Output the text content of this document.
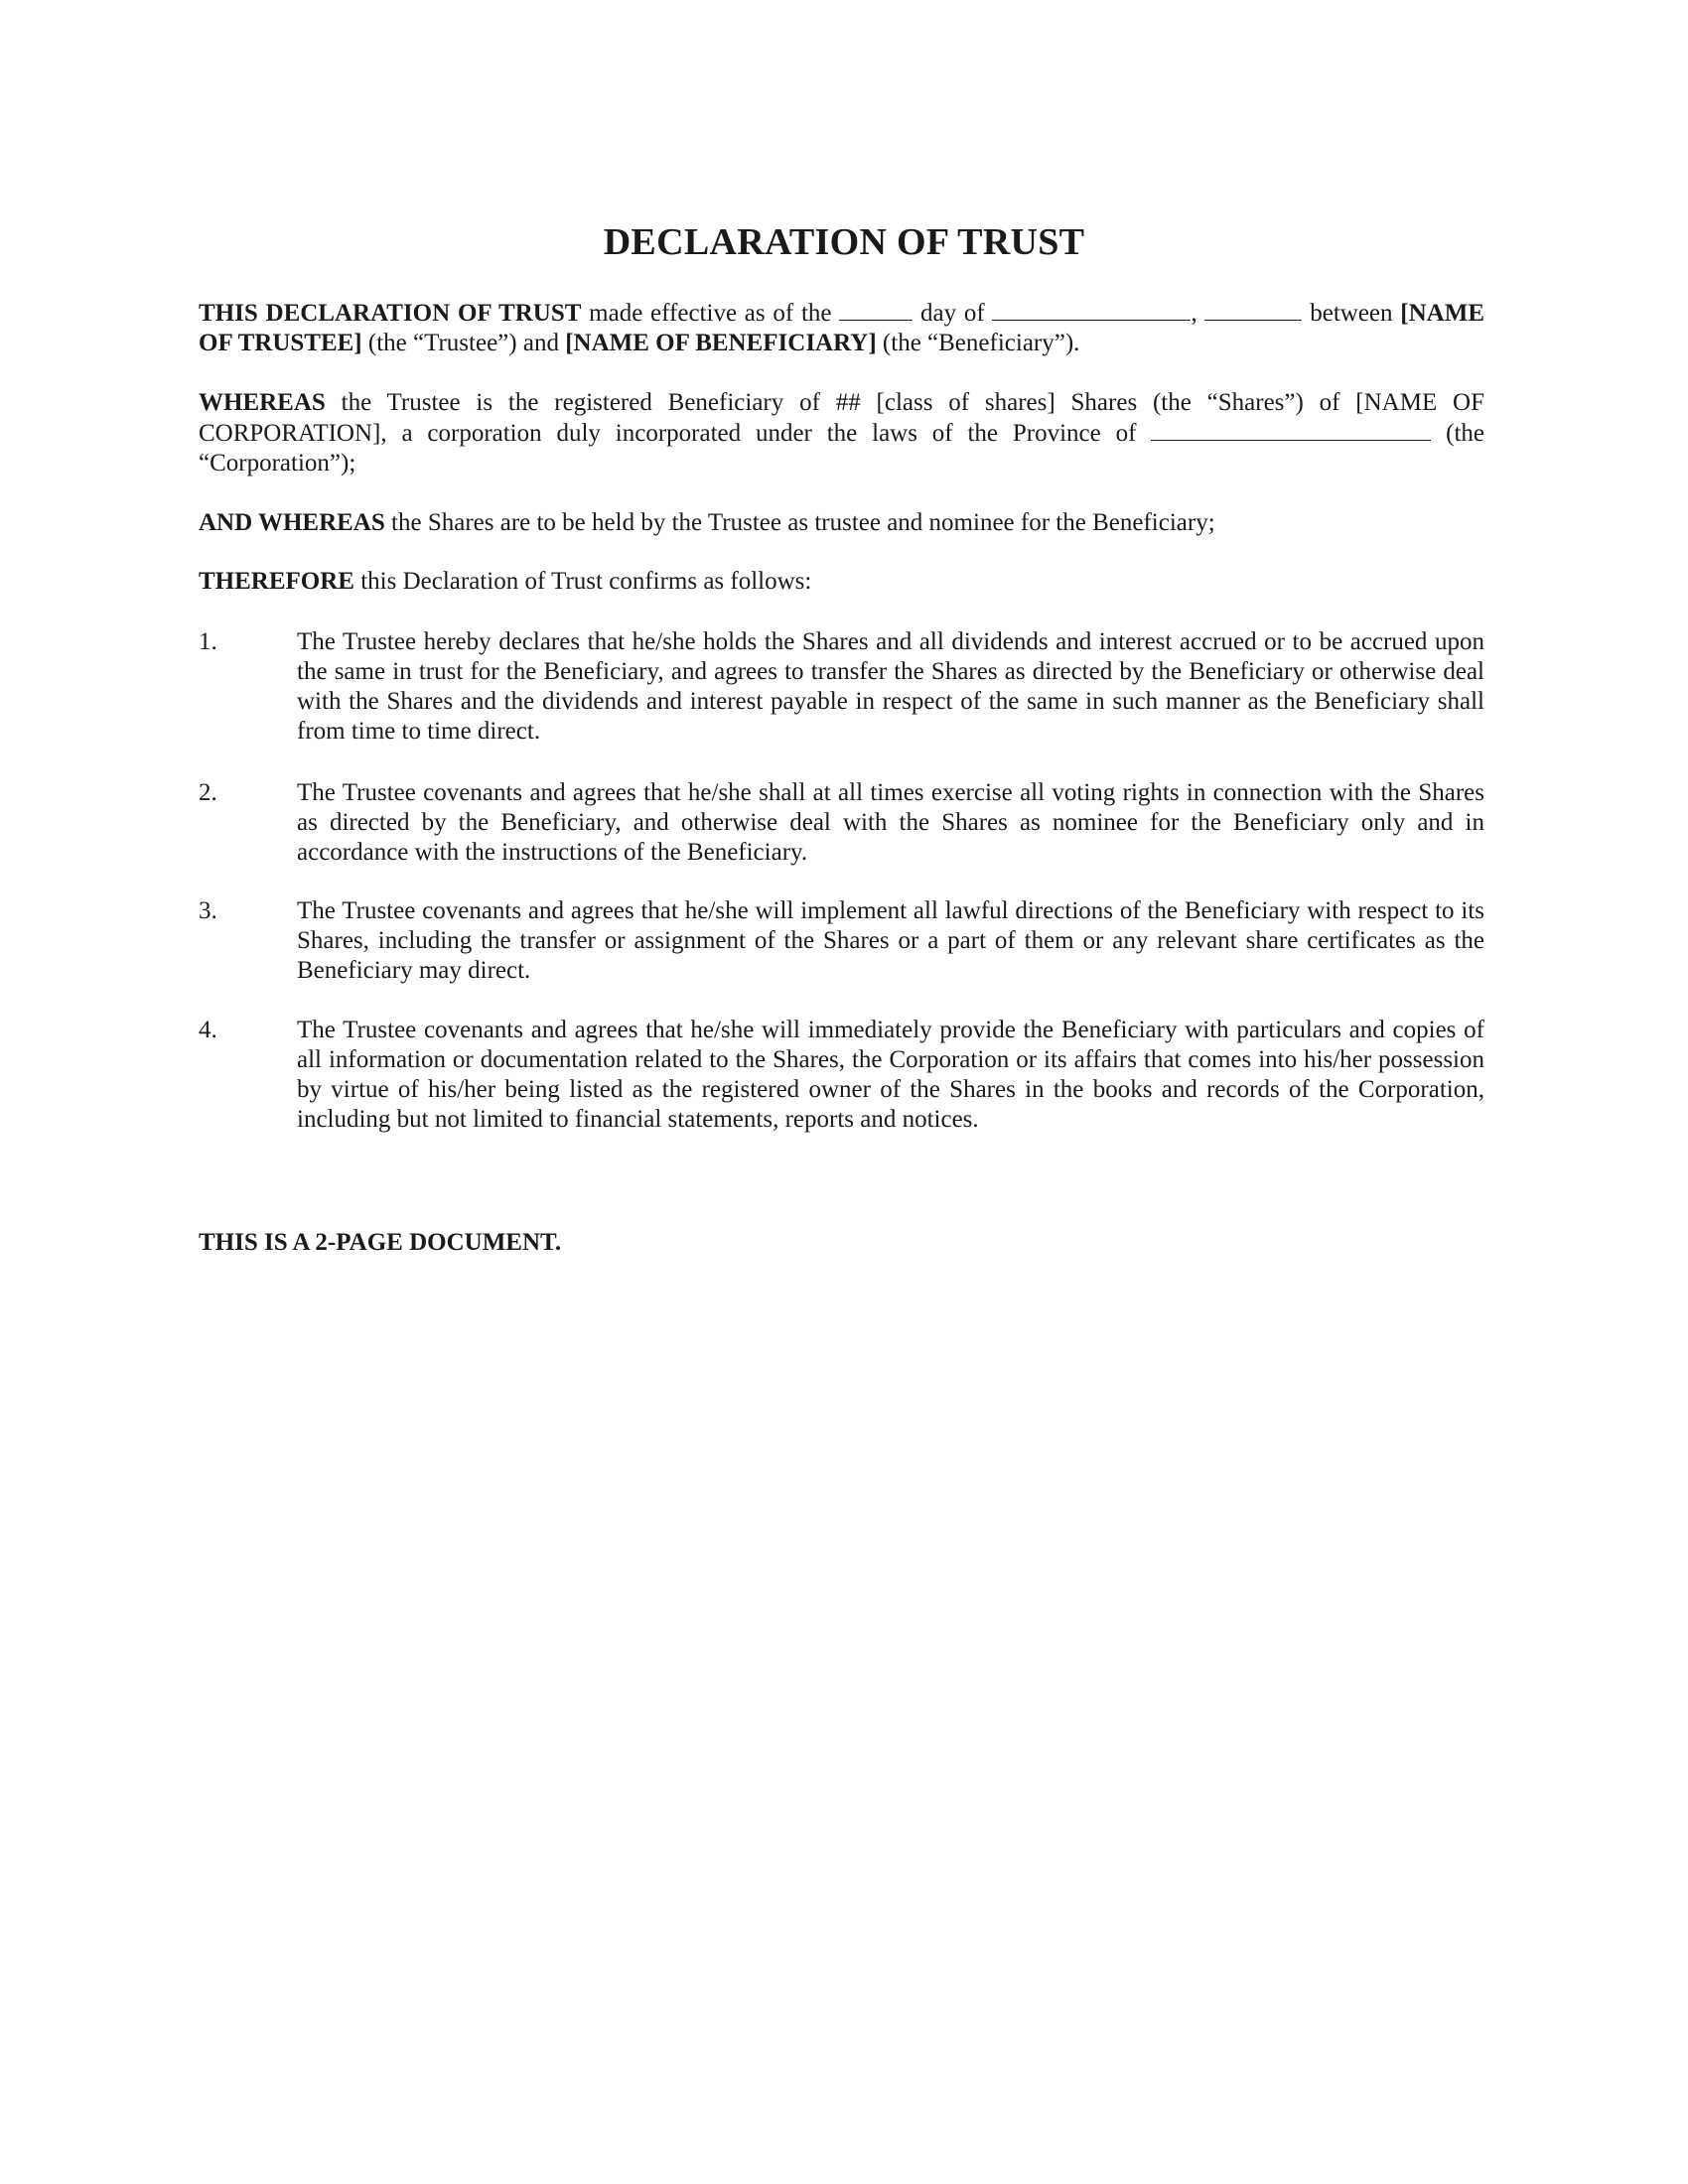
DECLARATION OF TRUST

THIS DECLARATION OF TRUST made effective as of the	day of	,	between [NAME OF TRUSTEE] (the “Trustee”) and [NAME OF BENEFICIARY] (the “Beneficiary”).

WHEREAS the Trustee is the registered Beneficiary of ## [class of shares] Shares (the “Shares”) of [NAME OF CORPORATION], a corporation duly incorporated under the laws of the Province of	(the “Corporation”);

AND WHEREAS the Shares are to be held by the Trustee as trustee and nominee for the Beneficiary;

THEREFORE this Declaration of Trust confirms as follows:

1.	The Trustee hereby declares that he/she holds the Shares and all dividends and interest accrued or to be accrued upon the same in trust for the Beneficiary, and agrees to transfer the Shares as directed by the Beneficiary or otherwise deal with the Shares and the dividends and interest payable in respect of the same in such manner as the Beneficiary shall from time to time direct.
2.	The Trustee covenants and agrees that he/she shall at all times exercise all voting rights in connection with the Shares as directed by the Beneficiary, and otherwise deal with the Shares as nominee for the Beneficiary only and in accordance with the instructions of the Beneficiary.
3.	The Trustee covenants and agrees that he/she will implement all lawful directions of the Beneficiary with respect to its Shares, including the transfer or assignment of the Shares or a part of them or any relevant share certificates as the Beneficiary may direct.
4.	The Trustee covenants and agrees that he/she will immediately provide the Beneficiary with particulars and copies of all information or documentation related to the Shares, the Corporation or its affairs that comes into his/her possession by virtue of his/her being listed as the registered owner of the Shares in the books and records of the Corporation, including but not limited to financial statements, reports and notices.

THIS IS A 2-PAGE DOCUMENT.
